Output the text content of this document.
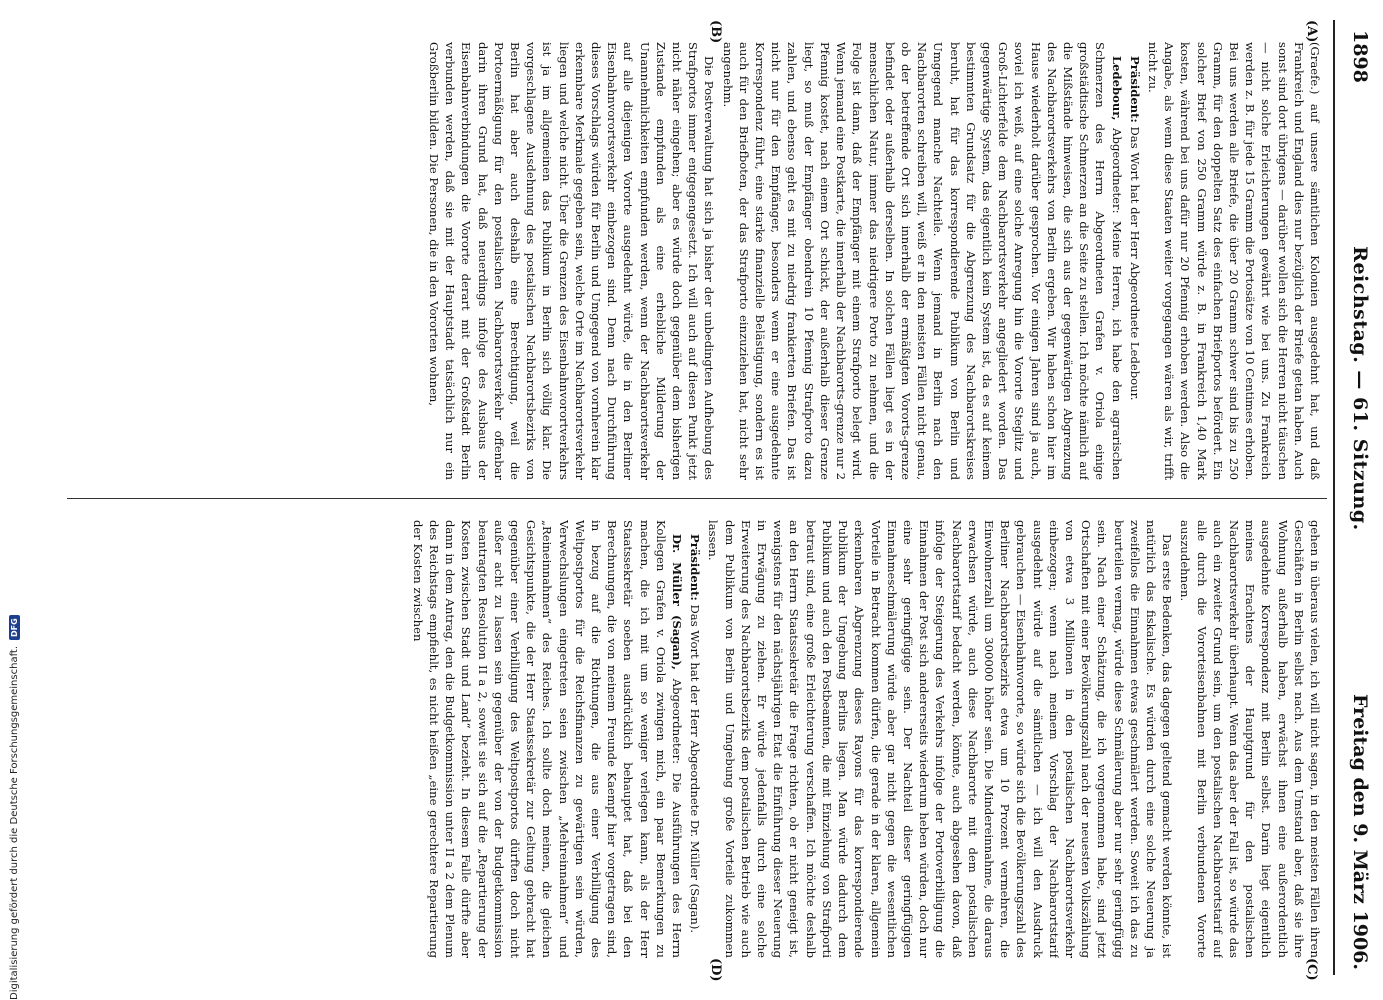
1898
Reichstag. — 61. Sitzung.
Freitag den 9. März 1906.
(A)
(B)
(C)
(D)

(Graefe.) auf unsere sämtlichen Kolonien ausgedehnt hat, und daß Frankreich und England dies nur bezüglich der Briefe getan haben. Auch sonst sind dort übrigens — darüber wollen sich die Herren nicht täuschen — nicht solche Erleichterungen gewährt wie bei uns. Zu Frankreich werden z. B. für jede 15 Gramm die Portosätze von 10 Centimes erhoben. Bei uns werden alle Briefe, die über 20 Gramm schwer sind bis zu 250 Gramm, für den doppelten Satz des einfachen Briefportos befördert. Ein solcher Brief von 250 Gramm würde z. B. in Frankreich 1,40 Mark kosten, während bei uns dafür nur 20 Pfennig erhoben werden. Also die Angabe, als wenn diese Staaten weiter vorgegangen wären als wir, trifft nicht zu.

Präsident: Das Wort hat der Herr Abgeordnete Ledebour.

Ledebour, Abgeordneter: Meine Herren, ich habe den agrarischen Schmerzen des Herrn Abgeordneten Grafen v. Oriola einige großstädtische Schmerzen an die Seite zu stellen. Ich möchte nämlich auf die Mißstände hinweisen, die sich aus der gegenwärtigen Abgrenzung des Nachbarortsverkehrs von Berlin ergeben. Wir haben schon hier im Hause wiederholt darüber gesprochen. Vor einigen Jahren sind ja auch, soviel ich weiß, auf eine solche Anregung hin die Vororte Steglitz und Groß-Lichterfelde dem Nachbarortsverkehr angegliedert worden. Das gegenwärtige System, das eigentlich kein System ist, da es auf keinem bestimmten Grundsatz für die Abgrenzung des Nachbarortskreises beruht, hat für das korrespondierende Publikum von Berlin und Umgegend manche Nachteile. Wenn jemand in Berlin nach den Nachbarorten schreiben will, weiß er in den meisten Fällen nicht genau, ob der betreffende Ort sich innerhalb der ermäßigten Vororts-grenze befindet oder außerhalb derselben. In solchen Fällen liegt es in der menschlichen Natur, immer das niedrigere Porto zu nehmen, und die Folge ist dann, daß der Empfänger mit einem Strafporto belegt wird. Wenn jemand eine Postkarte, die innerhalb der Nachbarorts-grenze nur 2 Pfennig kostet, nach einem Ort schickt, der außerhalb dieser Grenze liegt, so muß der Empfänger obendrein 10 Pfennig Strafporto dazu zahlen, und ebenso geht es mit zu niedrig frankierten Briefen. Das ist nicht nur für den Empfänger, besonders wenn er eine ausgedehnte Korrespondenz führt, eine starke finanzielle Belästigung, sondern es ist auch für den Briefboten, der das Strafporto einzuziehen hat, nicht sehr angenehm.

Die Postverwaltung hat sich ja bisher der unbedingten Aufhebung des Strafportos immer entgegengesetzt. Ich will auch auf diesen Punkt jetzt nicht näher eingehen; aber es würde doch gegenüber dem bisherigen Zustande empfunden als eine erhebliche Milderung der Unannehmlichkeiten empfunden werden, wenn der Nachbarortsverkehr auf alle diejenigen Vororte ausgedehnt würde, die in den Berliner Eisenbahnvorortsverkehr einbezogen sind. Denn nach Durchführung dieses Vorschlags würden für Berlin und Umgegend von vornherein klar erkennbare Merkmale gegeben sein, welche Orte im Nachbarortsverkehr liegen und welche nicht. Über die Grenzen des Eisenbahnvorortverkehrs ist ja im allgemeinen das Publikum in Berlin sich völlig klar. Die vorgeschlagene Ausdehnung des postalischen Nachbarortsbezirks von Berlin hat aber auch deshalb eine Berechtigung, weil die Portoermäßigung für den postalischen Nachbarortsverkehr offenbar darin ihren Grund hat, daß neuerdings infolge des Ausbaus der Eisenbahnverbindungen die Vororte derart mit der Großstadt Berlin verbunden werden, daß sie mit der Hauptstadt tatsächlich nur ein Großberlin bilden. Die Personen, die in den Vororten wohnen,

gehen in überaus vielen, ich will nicht sagen, in den meisten Fällen ihren Geschäften in Berlin selbst nach. Aus dem Umstand aber, daß sie ihre Wohnung außerhalb haben, erwächst ihnen eine außerordentlich ausgedehnte Korrespondenz mit Berlin selbst. Darin liegt eigentlich meines Erachtens der Hauptgrund für den postalischen Nachbarortsverkehr überhaupt. Wenn das aber der Fall ist, so würde das auch ein zweiter Grund sein, um den postalischen Nachbarortstarif auf alle durch die Vororteisenbahnen mit Berlin verbundenen Vororte auszudehnen.

Das erste Bedenken, das dagegen geltend gemacht werden könnte, ist natürlich das fiskalische. Es würden durch eine solche Neuerung ja zweifellos die Einnahmen etwas geschmälert werden. Soweit ich das zu beurteilen vermag, würde diese Schmälerung aber nur sehr geringfügig sein. Nach einer Schätzung, die ich vorgenommen habe, sind jetzt Ortschaften mit einer Bevölkerungszahl nach der neuesten Volkszählung von etwa 3 Millionen in den postalischen Nachbarortsverkehr einbezogen; wenn nach meinem Vorschlag der Nachbarortstarif ausgedehnt würde auf die sämtlichen — ich will den Ausdruck gebrauchen — Eisenbahnvororte, so würde sich die Bevölkerungszahl des Berliner Nachbarortsbezirks etwa um 10 Prozent vermehren, die Einwohnerzahl um 300000 höher sein. Die Mindereinnahme, die daraus erwachsen würde, auch diese Nachbarorte mit dem postalischen Nachbarortstarif bedacht werden, könnte, auch abgesehen davon, daß infolge der Steigerung des Verkehrs infolge der Portoverbilligung die Einnahmen der Post sich andererseits wiederum heben würden, doch nur eine sehr geringfügige sein. Der Nachteil dieser geringfügigen Einnahmeschmälerung würde aber gar nicht gegen die wesentlichen Vorteile in Betracht kommen dürfen, die gerade in der klaren, allgemein erkennbaren Abgrenzung dieses Rayons für das korrespondierende Publikum der Umgebung Berlins liegen. Man würde dadurch dem Publikum und auch den Postbeamten, die mit Einziehung von Strafporti betraut sind, eine große Erleichterung verschaffen. Ich möchte deshalb an den Herrn Staatssekretär die Frage richten, ob er nicht geneigt ist, wenigstens für den nächstjährigen Etat die Einführung dieser Neuerung in Erwägung zu ziehen. Er würde jedenfalls durch eine solche Erweiterung des Nachbarortsbezirks dem postalischen Betrieb wie auch dem Publikum von Berlin und Umgebung große Vorteile zukommen lassen.

Präsident: Das Wort hat der Herr Abgeordnete Dr. Müller (Sagan).

Dr. Müller (Sagan), Abgeordneter: Die Ausführungen des Herrn Kollegen Grafen v. Oriola zwingen mich, ein paar Bemerkungen zu machen, die ich mit um so weniger verlegen kann, als der Herr Staatssekretär soeben ausdrücklich behauptet hat, daß bei den Berechnungen, die von meinem Freunde Kaempf hier vorgetragen sind, in bezug auf die Richtungen, die aus einer Verbilligung des Weltpostportos für die Reichsfinanzen zu gewärtigen sein würden, Verwechslungen eingetreten seien zwischen „Mehreinnahmen“ und „Reineinnahmen“ des Reiches. Ich sollte doch meinen, die gleichen Gesichtspunkte, die der Herr Staatssekretär zur Geltung gebracht hat gegenüber einer Verbilligung des Weltpostportos dürften doch nicht außer acht zu lassen sein gegenüber der von der Budgetkommission beantragten Resolution II a 2, soweit sie sich auf die „Repartierung der Kosten zwischen Stadt und Land“ bezieht. In diesem Falle dürfte aber dann in dem Antrag, den die Budgetkommission unter II a 2 dem Plenum des Reichstags empfiehlt, es nicht heißen „eine gerechtere Repartierung der Kosten zwischen

Digitalisierung gefördert durch die Deutsche Forschungsgemeinschaft.
DFG
